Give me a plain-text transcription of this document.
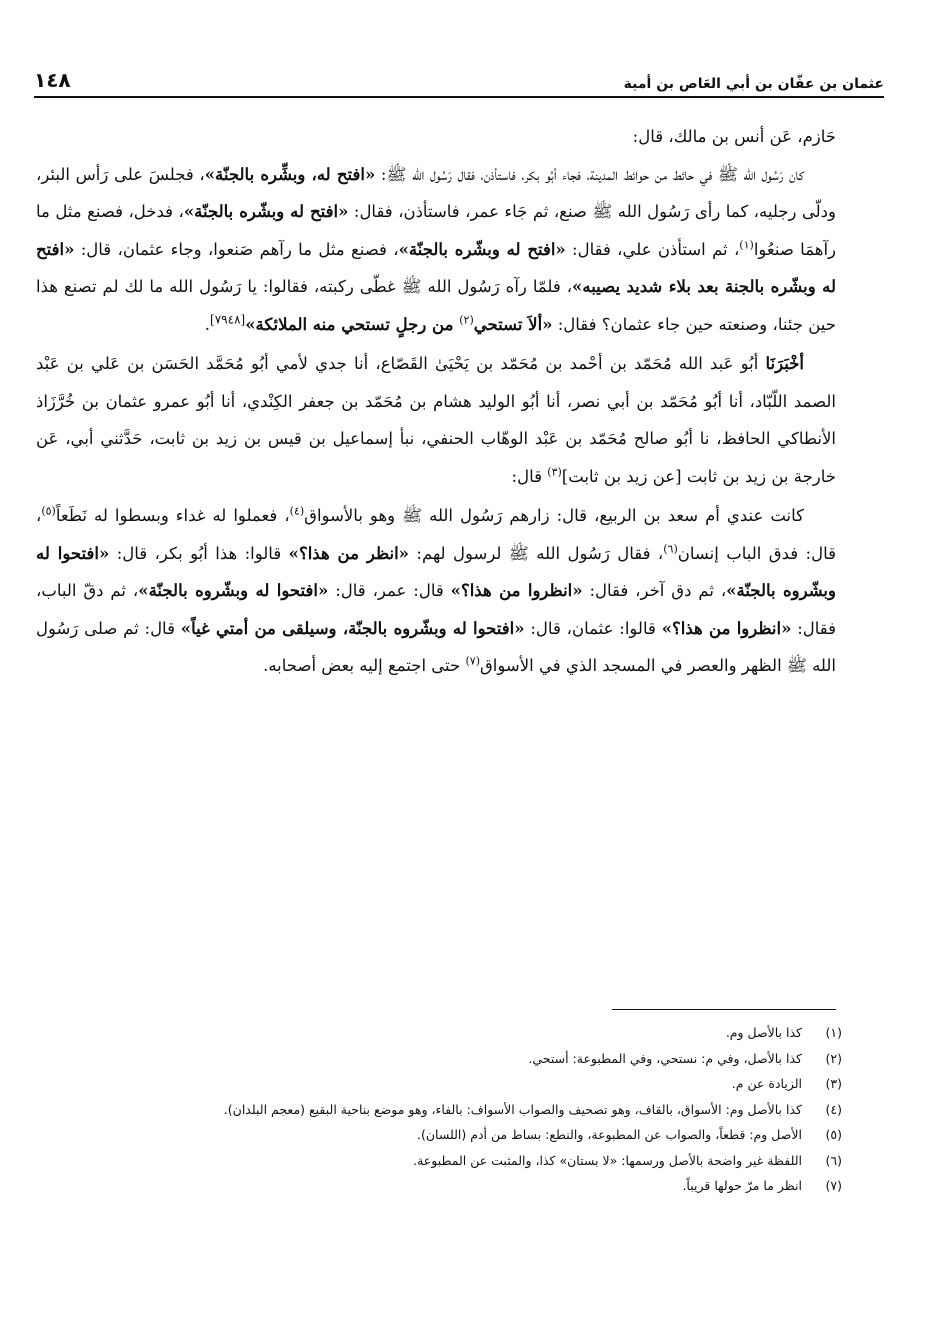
عثمان بن عفّان بن أبي العَاص بن أمية
١٤٨

حَازم، عَن أنس بن مالك، قال:

كان رَسُول الله ﷺ في حائط من حوائط المدينة، فجاء أبُو بكر، فاستأذن، فقال رَسُول الله ﷺ: «افتح له، وبشِّره بالجنّة»، فجلسَ على رَأس البئر، ودلّى رجليه، كما رأى رَسُول الله ﷺ صنع، ثم جَاء عمر، فاستأذن، فقال: «افتح له وبشّره بالجنّة»، فدخل، فصنع مثل ما رآهمَا صنعُوا$^{(١)}$، ثم استأذن علي، فقال: «افتح له وبشّره بالجنّة»، فصنع مثل ما رآهم صَنعوا، وجاء عثمان، قال: «افتح له وبشّره بالجنة بعد بلاء شديد يصيبه»، فلمّا رآه رَسُول الله ﷺ غطّى ركبته، فقالوا: يا رَسُول الله ما لك لم تصنع هذا حين جئنا، وصنعته حين جاء عثمان؟ فقال: «ألاَ تستحي$^{(٢)}$ من رجلٍ تستحي منه الملائكة»[٧٩٤٨].

أخْبَرَنَا أبُو عَبد الله مُحَمّد بن أحْمد بن مُحَمّد بن يَحْيَىٰ القَصّاع، أنا جدي لأمي أبُو مُحَمَّد الحَسَن بن عَلي بن عَبْد الصمد اللّبّاد، أنا أبُو مُحَمّد بن أبي نصر، أنا أبُو الوليد هشام بن مُحَمّد بن جعفر الكِنْدي، أنا أبُو عمرو عثمان بن خُرَّزَاذ الأنطاكي الحافظ، نا أبُو صالح مُحَمّد بن عَبْد الوهّاب الحنفي، نبأ إسماعيل بن قيس بن زيد بن ثابت، حَدَّثني أبي، عَن خارجة بن زيد بن ثابت [عن زيد بن ثابت]$^{(٣)}$ قال:

كانت عندي أم سعد بن الربيع، قال: زارهم رَسُول الله ﷺ وهو بالأسواق$^{(٤)}$، فعملوا له غداء وبسطوا له نَطَعاً$^{(٥)}$، قال: فدق الباب إنسان$^{(٦)}$، فقال رَسُول الله ﷺ لرسول لهم: «انظر من هذا؟» قالوا: هذا أبُو بكر، قال: «افتحوا له وبشّروه بالجنّة»، ثم دق آخر، فقال: «انظروا من هذا؟» قال: عمر، قال: «افتحوا له وبشّروه بالجنّة»، ثم دقّ الباب، فقال: «انظروا من هذا؟» قالوا: عثمان، قال: «افتحوا له وبشّروه بالجنّة، وسيلقى من أمتي غياً» قال: ثم صلى رَسُول الله ﷺ الظهر والعصر في المسجد الذي في الأسواق$^{(٧)}$ حتى اجتمع إليه بعض أصحابه.

(١)
كذا بالأصل وم.
(٢)
كذا بالأصل، وفي م: نستحي، وفي المطبوعة: أستحي.
(٣)
الزيادة عن م.
(٤)
كذا بالأصل وم: الأسواق، بالقاف، وهو تصحيف والصواب الأسواف: بالفاء، وهو موضع بناحية البقيع (معجم البلدان).
(٥)
الأصل وم: قطعاً، والصواب عن المطبوعة، والنطع: بساط من أدم (اللسان).
(٦)
اللفظة غير واضحة بالأصل ورسمها: «لا بستان» كذا، والمثبت عن المطبوعة.
(٧)
انظر ما مرّ حولها قريباً.
